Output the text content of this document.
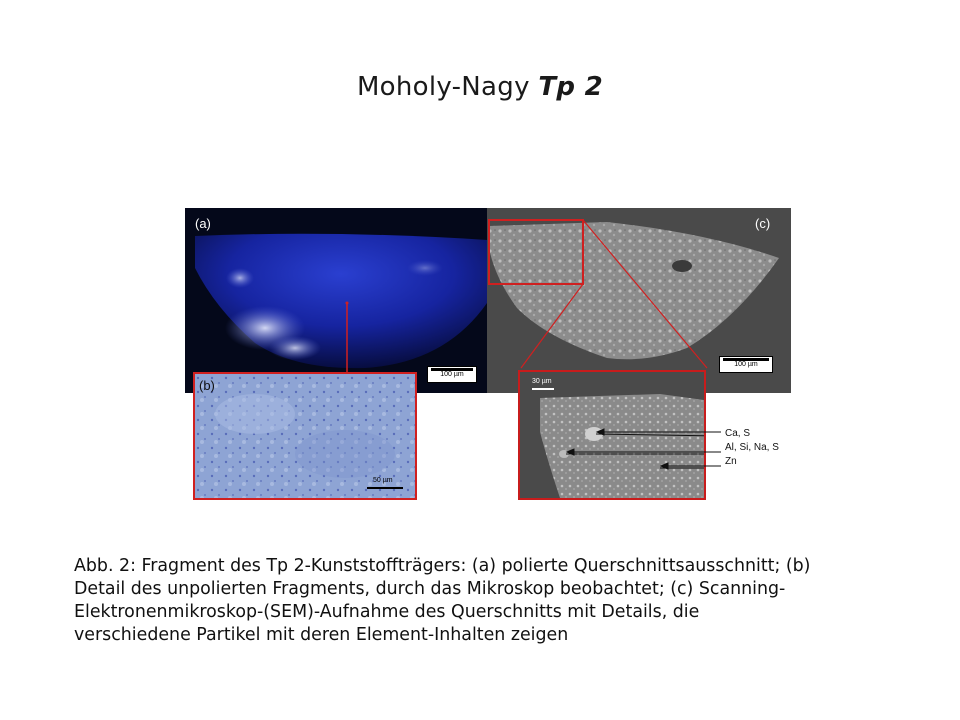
Moholy-Nagy Tp 2
(a)
100 µm
(c)
100 µm
(b)
50 µm
30 µm
Ca, S
Al, Si, Na, S
Zn
Abb. 2: Fragment des Tp 2-Kunststoffträgers: (a) polierte Querschnittsausschnitt; (b)
Detail des unpolierten Fragments, durch das Mikroskop beobachtet; (c) Scanning-
Elektronenmikroskop-(SEM)-Aufnahme des Querschnitts mit Details, die
verschiedene Partikel mit deren Element-Inhalten zeigen
